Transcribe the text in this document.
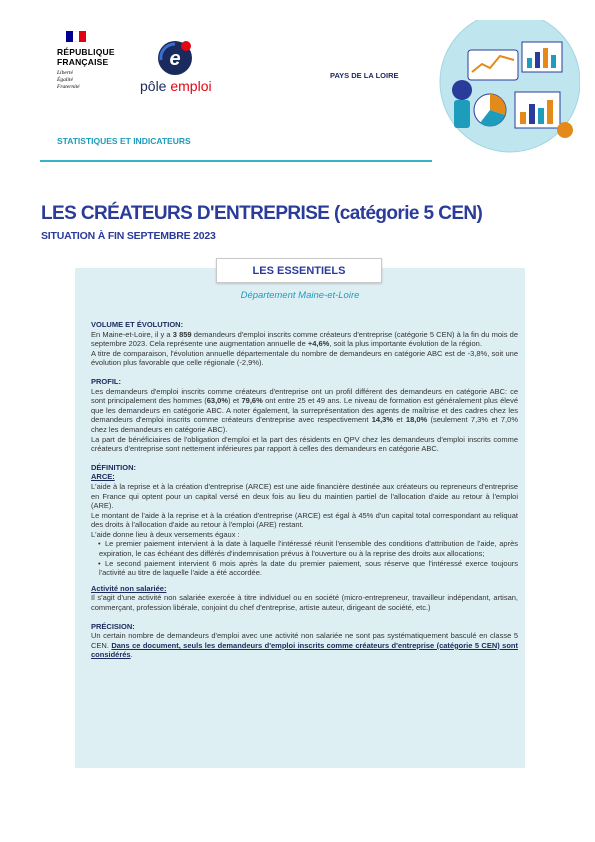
RÉPUBLIQUE
FRANÇAISE
Liberté
Égalité
Fraternité
e
pôle emploi
PAYS DE LA LOIRE
STATISTIQUES ET INDICATEURS
LES CRÉATEURS D'ENTREPRISE (catégorie 5 CEN)
SITUATION À FIN SEPTEMBRE 2023
LES ESSENTIELS
Département Maine-et-Loire
VOLUME ET ÉVOLUTION:

En Maine-et-Loire, il y a 3 859 demandeurs d'emploi inscrits comme créateurs d'entreprise (catégorie 5 CEN) à la fin du mois de septembre 2023. Cela représente une augmentation annuelle de +4,6%, soit la plus importante évolution de la région.

A titre de comparaison, l'évolution annuelle départementale du nombre de demandeurs en catégorie ABC est de -3,8%, soit une évolution plus favorable que celle régionale (-2,9%).

PROFIL:

Les demandeurs d'emploi inscrits comme créateurs d'entreprise ont un profil différent des demandeurs en catégorie ABC: ce sont principalement des hommes (63,0%) et 79,6% ont entre 25 et 49 ans. Le niveau de formation est généralement plus élevé que les demandeurs en catégorie ABC. A noter également, la surreprésentation des agents de maîtrise et des cadres chez les demandeurs d'emploi inscrits comme créateurs d'entreprise avec respectivement 14,3% et 18,0% (seulement 7,3% et 7,0% chez les demandeurs en catégorie ABC).

La part de bénéficiaires de l'obligation d'emploi et la part des résidents en QPV chez les demandeurs d'emploi inscrits comme créateurs d'entreprise sont nettement inférieures par rapport à celles des demandeurs en catégorie ABC.

DÉFINITION:
ARCE:

L'aide à la reprise et à la création d'entreprise (ARCE) est une aide financière destinée aux créateurs ou repreneurs d'entreprise en France qui optent pour un capital versé en deux fois au lieu du maintien partiel de l'allocation d'aide au retour à l'emploi (ARE).

Le montant de l'aide à la reprise et à la création d'entreprise (ARCE) est égal à 45% d'un capital total correspondant au reliquat des droits à l'allocation d'aide au retour à l'emploi (ARE) restant.

L'aide donne lieu à deux versements égaux :

• Le premier paiement intervient à la date à laquelle l'intéressé réunit l'ensemble des conditions d'attribution de l'aide, après expiration, le cas échéant des différés d'indemnisation prévus à l'ouverture ou à la reprise des droits aux allocations;

• Le second paiement intervient 6 mois après la date du premier paiement, sous réserve que l'intéressé exerce toujours l'activité au titre de laquelle l'aide a été accordée.

Activité non salariée:

Il s'agit d'une activité non salariée exercée à titre individuel ou en société (micro-entrepreneur, travailleur indépendant, artisan, commerçant, profession libérale, conjoint du chef d'entreprise, artiste auteur, dirigeant de société, etc.)

PRÉCISION:

Un certain nombre de demandeurs d'emploi avec une activité non salariée ne sont pas systématiquement basculé en classe 5 CEN. Dans ce document, seuls les demandeurs d'emploi inscrits comme créateurs d'entreprise (catégorie 5 CEN) sont considérés.
